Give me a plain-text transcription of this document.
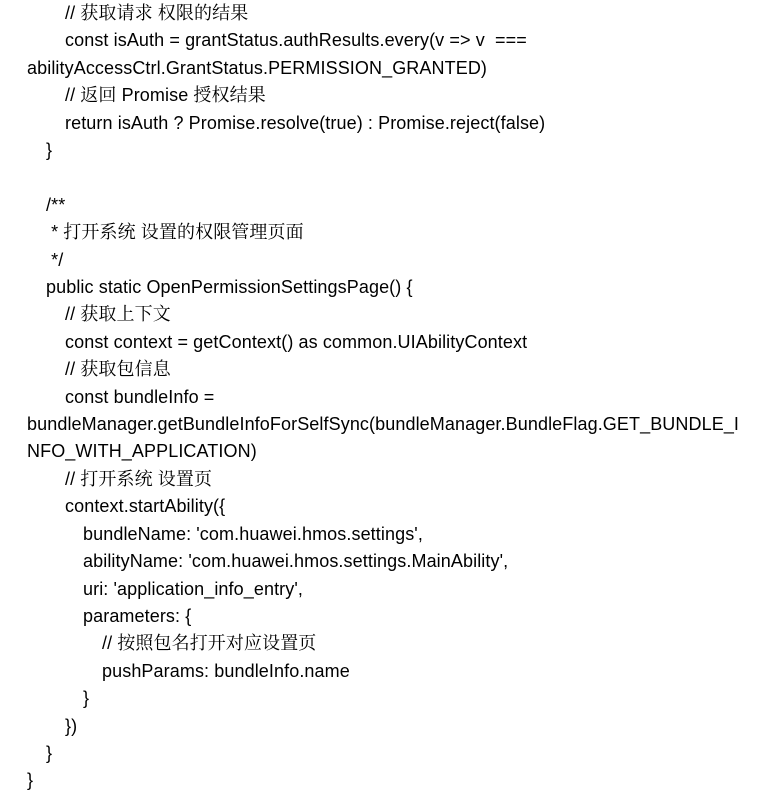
// 获取请求 权限的结果
const isAuth = grantStatus.authResults.every(v => v  ===
abilityAccessCtrl.GrantStatus.PERMISSION_GRANTED)
// 返回 Promise 授权结果
return isAuth ? Promise.resolve(true) : Promise.reject(false)
}
/**
* 打开系统 设置的权限管理页面
*/
public static OpenPermissionSettingsPage() {
// 获取上下文
const context = getContext() as common.UIAbilityContext
// 获取包信息
const bundleInfo =
bundleManager.getBundleInfoForSelfSync(bundleManager.BundleFlag.GET_BUNDLE_I
NFO_WITH_APPLICATION)
// 打开系统 设置页
context.startAbility({
bundleName: 'com.huawei.hmos.settings',
abilityName: 'com.huawei.hmos.settings.MainAbility',
uri: 'application_info_entry',
parameters: {
// 按照包名打开对应设置页
pushParams: bundleInfo.name
}
})
}
}
